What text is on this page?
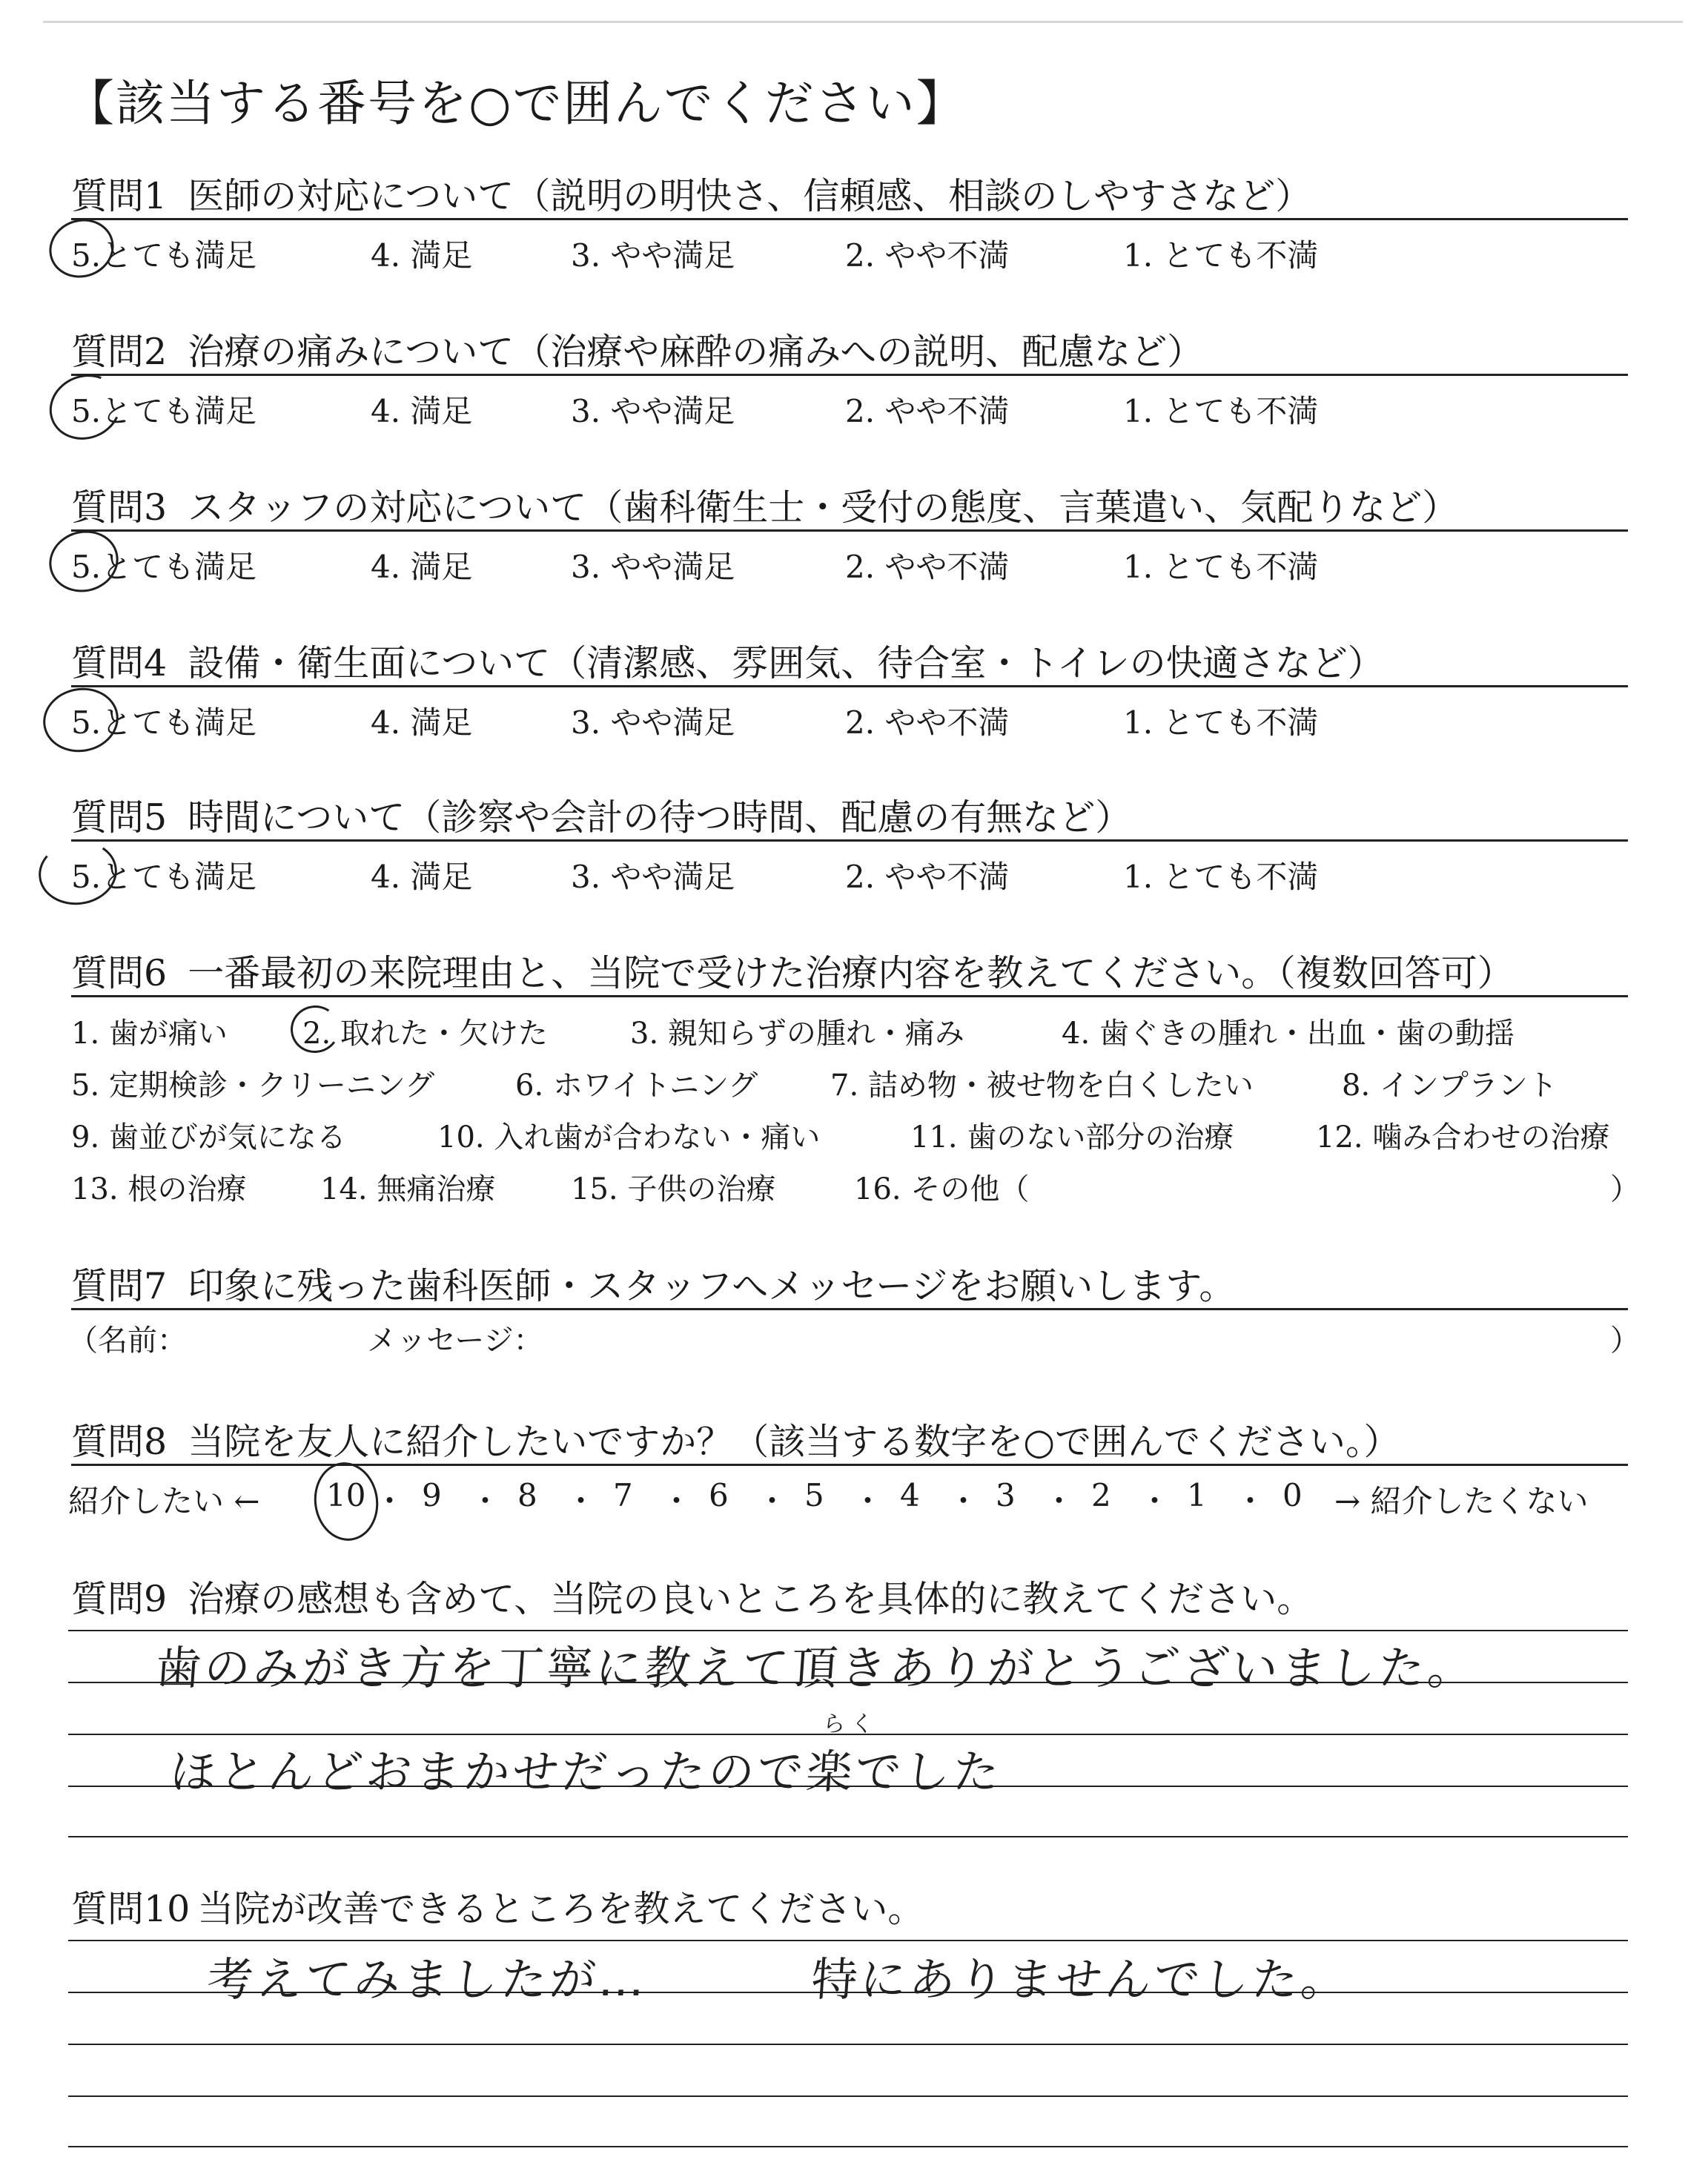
【該当する番号を○で囲んでください】
質問1 医師の対応について（説明の明快さ、信頼感、相談のしやすさなど）
5.とても満足	4. 満足	3. やや満足	2. やや不満	1. とても不満
質問2 治療の痛みについて（治療や麻酔の痛みへの説明、配慮など）
5.とても満足	4. 満足	3. やや満足	2. やや不満	1. とても不満
質問3 スタッフの対応について（歯科衛生士・受付の態度、言葉遣い、気配りなど）
5.とても満足	4. 満足	3. やや満足	2. やや不満	1. とても不満
質問4 設備・衛生面について（清潔感、雰囲気、待合室・トイレの快適さなど）
5.とても満足	4. 満足	3. やや満足	2. やや不満	1. とても不満
質問5 時間について（診察や会計の待つ時間、配慮の有無など）
5.とても満足	4. 満足	3. やや満足	2. やや不満	1. とても不満
質問6 一番最初の来院理由と、当院で受けた治療内容を教えてください。（複数回答可）
1. 歯が痛い	2. 取れた・欠けた	3. 親知らずの腫れ・痛み	4. 歯ぐきの腫れ・出血・歯の動揺
5. 定期検診・クリーニング	6. ホワイトニング 7. 詰め物・被せ物を白くしたい	8. インプラント
9. 歯並びが気になる	10. 入れ歯が合わない・痛い	11. 歯のない部分の治療	12. 噛み合わせの治療
13. 根の治療 14. 無痛治療	15. 子供の治療	16. その他（	）
質問7 印象に残った歯科医師・スタッフへメッセージをお願いします。
（名前：	メッセージ：	）
質問8 当院を友人に紹介したいですか？（該当する数字を○で囲んでください。）
紹介したい ← 10 ・ 9 ・ 8 ・ 7 ・ 6 ・ 5 ・ 4 ・ 3 ・ 2 ・ 1 ・ 0 → 紹介したくない
質問9 治療の感想も含めて、当院の良いところを具体的に教えてください。
歯のみがき方を丁寧に教えて頂きありがとうございました。
らく
ほとんどおまかせだったので楽でした
質問10 当院が改善できるところを教えてください。
考えてみましたが…	特にありませんでした。
